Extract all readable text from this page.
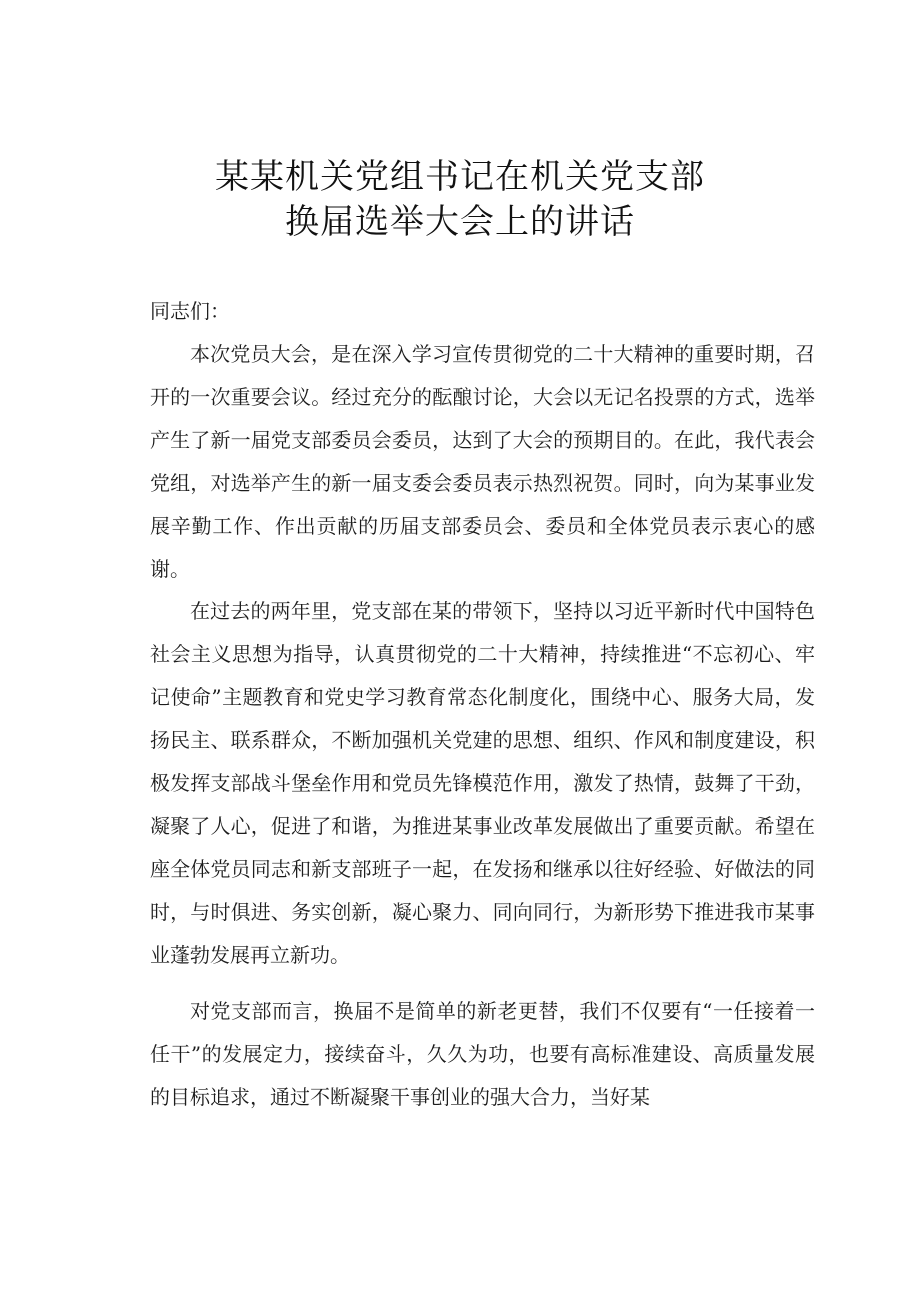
某某机关党组书记在机关党支部
换届选举大会上的讲话
同志们：

本次党员大会，是在深入学习宣传贯彻党的二十大精神的重要时期，召开的一次重要会议。经过充分的酝酿讨论，大会以无记名投票的方式，选举产生了新一届党支部委员会委员，达到了大会的预期目的。在此，我代表会党组，对选举产生的新一届支委会委员表示热烈祝贺。同时，向为某事业发展辛勤工作、作出贡献的历届支部委员会、委员和全体党员表示衷心的感谢。

在过去的两年里，党支部在某的带领下，坚持以习近平新时代中国特色社会主义思想为指导，认真贯彻党的二十大精神，持续推进“不忘初心、牢记使命”主题教育和党史学习教育常态化制度化，围绕中心、服务大局，发扬民主、联系群众，不断加强机关党建的思想、组织、作风和制度建设，积极发挥支部战斗堡垒作用和党员先锋模范作用，激发了热情，鼓舞了干劲，凝聚了人心，促进了和谐，为推进某事业改革发展做出了重要贡献。希望在座全体党员同志和新支部班子一起，在发扬和继承以往好经验、好做法的同时，与时俱进、务实创新，凝心聚力、同向同行，为新形势下推进我市某事业蓬勃发展再立新功。

对党支部而言，换届不是简单的新老更替，我们不仅要有“一任接着一任干”的发展定力，接续奋斗，久久为功，也要有高标准建设、高质量发展的目标追求，通过不断凝聚干事创业的强大合力，当好某
